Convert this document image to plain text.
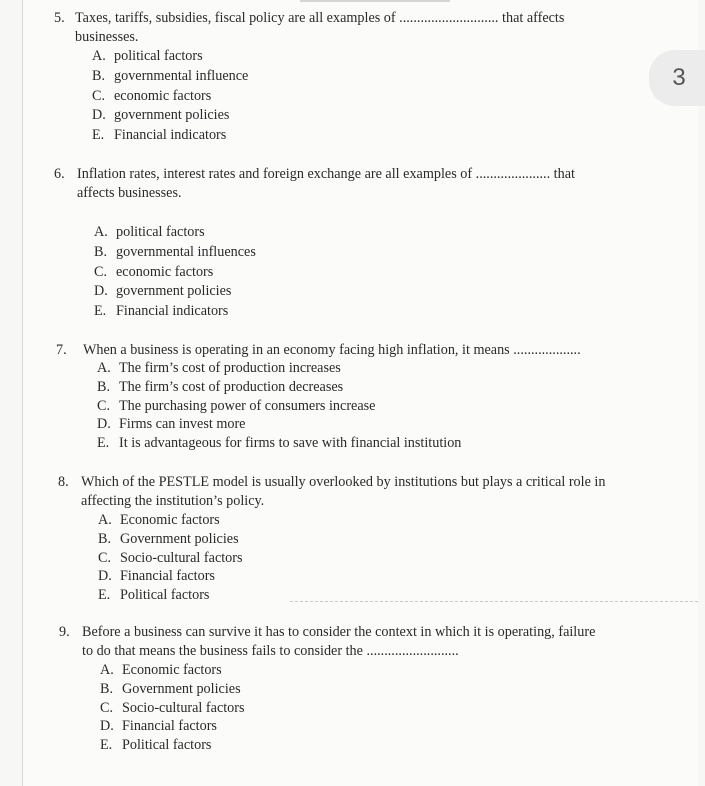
3
5. Taxes, tariffs, subsidies, fiscal policy are all examples of ............................ that affects
businesses.
A. political factors
B. governmental influence
C. economic factors
D. government policies
E. Financial indicators
6. Inflation rates, interest rates and foreign exchange are all examples of ..................... that
affects businesses.
A. political factors
B. governmental influences
C. economic factors
D. government policies
E. Financial indicators
7. When a business is operating in an economy facing high inflation, it means ...................
A. The firm’s cost of production increases
B. The firm’s cost of production decreases
C. The purchasing power of consumers increase
D. Firms can invest more
E. It is advantageous for firms to save with financial institution
8. Which of the PESTLE model is usually overlooked by institutions but plays a critical role in
affecting the institution’s policy.
A. Economic factors
B. Government policies
C. Socio-cultural factors
D. Financial factors
E. Political factors
9. Before a business can survive it has to consider the context in which it is operating, failure
to do that means the business fails to consider the ..........................
A. Economic factors
B. Government policies
C. Socio-cultural factors
D. Financial factors
E. Political factors
